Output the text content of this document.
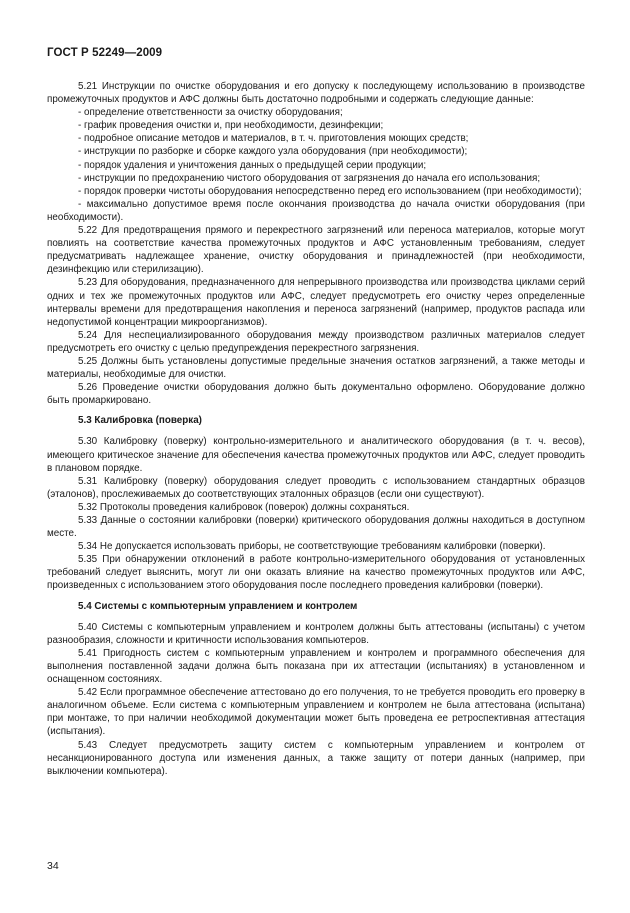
ГОСТ Р 52249—2009

5.21 Инструкции по очистке оборудования и его допуску к последующему использованию в производстве промежуточных продуктов и АФС должны быть достаточно подробными и содержать следующие данные:

- определение ответственности за очистку оборудования;

- график проведения очистки и, при необходимости, дезинфекции;

- подробное описание методов и материалов, в т. ч. приготовления моющих средств;

- инструкции по разборке и сборке каждого узла оборудования (при необходимости);

- порядок удаления и уничтожения данных о предыдущей серии продукции;

- инструкции по предохранению чистого оборудования от загрязнения до начала его использования;

- порядок проверки чистоты оборудования непосредственно перед его использованием (при необходимости);

- максимально допустимое время после окончания производства до начала очистки оборудования (при необходимости).

5.22 Для предотвращения прямого и перекрестного загрязнений или переноса материалов, которые могут повлиять на соответствие качества промежуточных продуктов и АФС установленным требованиям, следует предусматривать надлежащее хранение, очистку оборудования и принадлежностей (при необходимости, дезинфекцию или стерилизацию).

5.23 Для оборудования, предназначенного для непрерывного производства или производства циклами серий одних и тех же промежуточных продуктов или АФС, следует предусмотреть его очистку через определенные интервалы времени для предотвращения накопления и переноса загрязнений (например, продуктов распада или недопустимой концентрации микроорганизмов).

5.24 Для неспециализированного оборудования между производством различных материалов следует предусмотреть его очистку с целью предупреждения перекрестного загрязнения.

5.25 Должны быть установлены допустимые предельные значения остатков загрязнений, а также методы и материалы, необходимые для очистки.

5.26 Проведение очистки оборудования должно быть документально оформлено. Оборудование должно быть промаркировано.

5.3 Калибровка (поверка)

5.30 Калибровку (поверку) контрольно-измерительного и аналитического оборудования (в т. ч. весов), имеющего критическое значение для обеспечения качества промежуточных продуктов или АФС, следует проводить в плановом порядке.

5.31 Калибровку (поверку) оборудования следует проводить с использованием стандартных образцов (эталонов), прослеживаемых до соответствующих эталонных образцов (если они существуют).

5.32 Протоколы проведения калибровок (поверок) должны сохраняться.

5.33 Данные о состоянии калибровки (поверки) критического оборудования должны находиться в доступном месте.

5.34 Не допускается использовать приборы, не соответствующие требованиям калибровки (поверки).

5.35 При обнаружении отклонений в работе контрольно-измерительного оборудования от установленных требований следует выяснить, могут ли они оказать влияние на качество промежуточных продуктов или АФС, произведенных с использованием этого оборудования после последнего проведения калибровки (поверки).

5.4 Системы с компьютерным управлением и контролем

5.40 Системы с компьютерным управлением и контролем должны быть аттестованы (испытаны) с учетом разнообразия, сложности и критичности использования компьютеров.

5.41 Пригодность систем с компьютерным управлением и контролем и программного обеспечения для выполнения поставленной задачи должна быть показана при их аттестации (испытаниях) в установленном и оснащенном состояниях.

5.42 Если программное обеспечение аттестовано до его получения, то не требуется проводить его проверку в аналогичном объеме. Если система с компьютерным управлением и контролем не была аттестована (испытана) при монтаже, то при наличии необходимой документации может быть проведена ее ретроспективная аттестация (испытания).

5.43 Следует предусмотреть защиту систем с компьютерным управлением и контролем от несанкционированного доступа или изменения данных, а также защиту от потери данных (например, при выключении компьютера).

34
